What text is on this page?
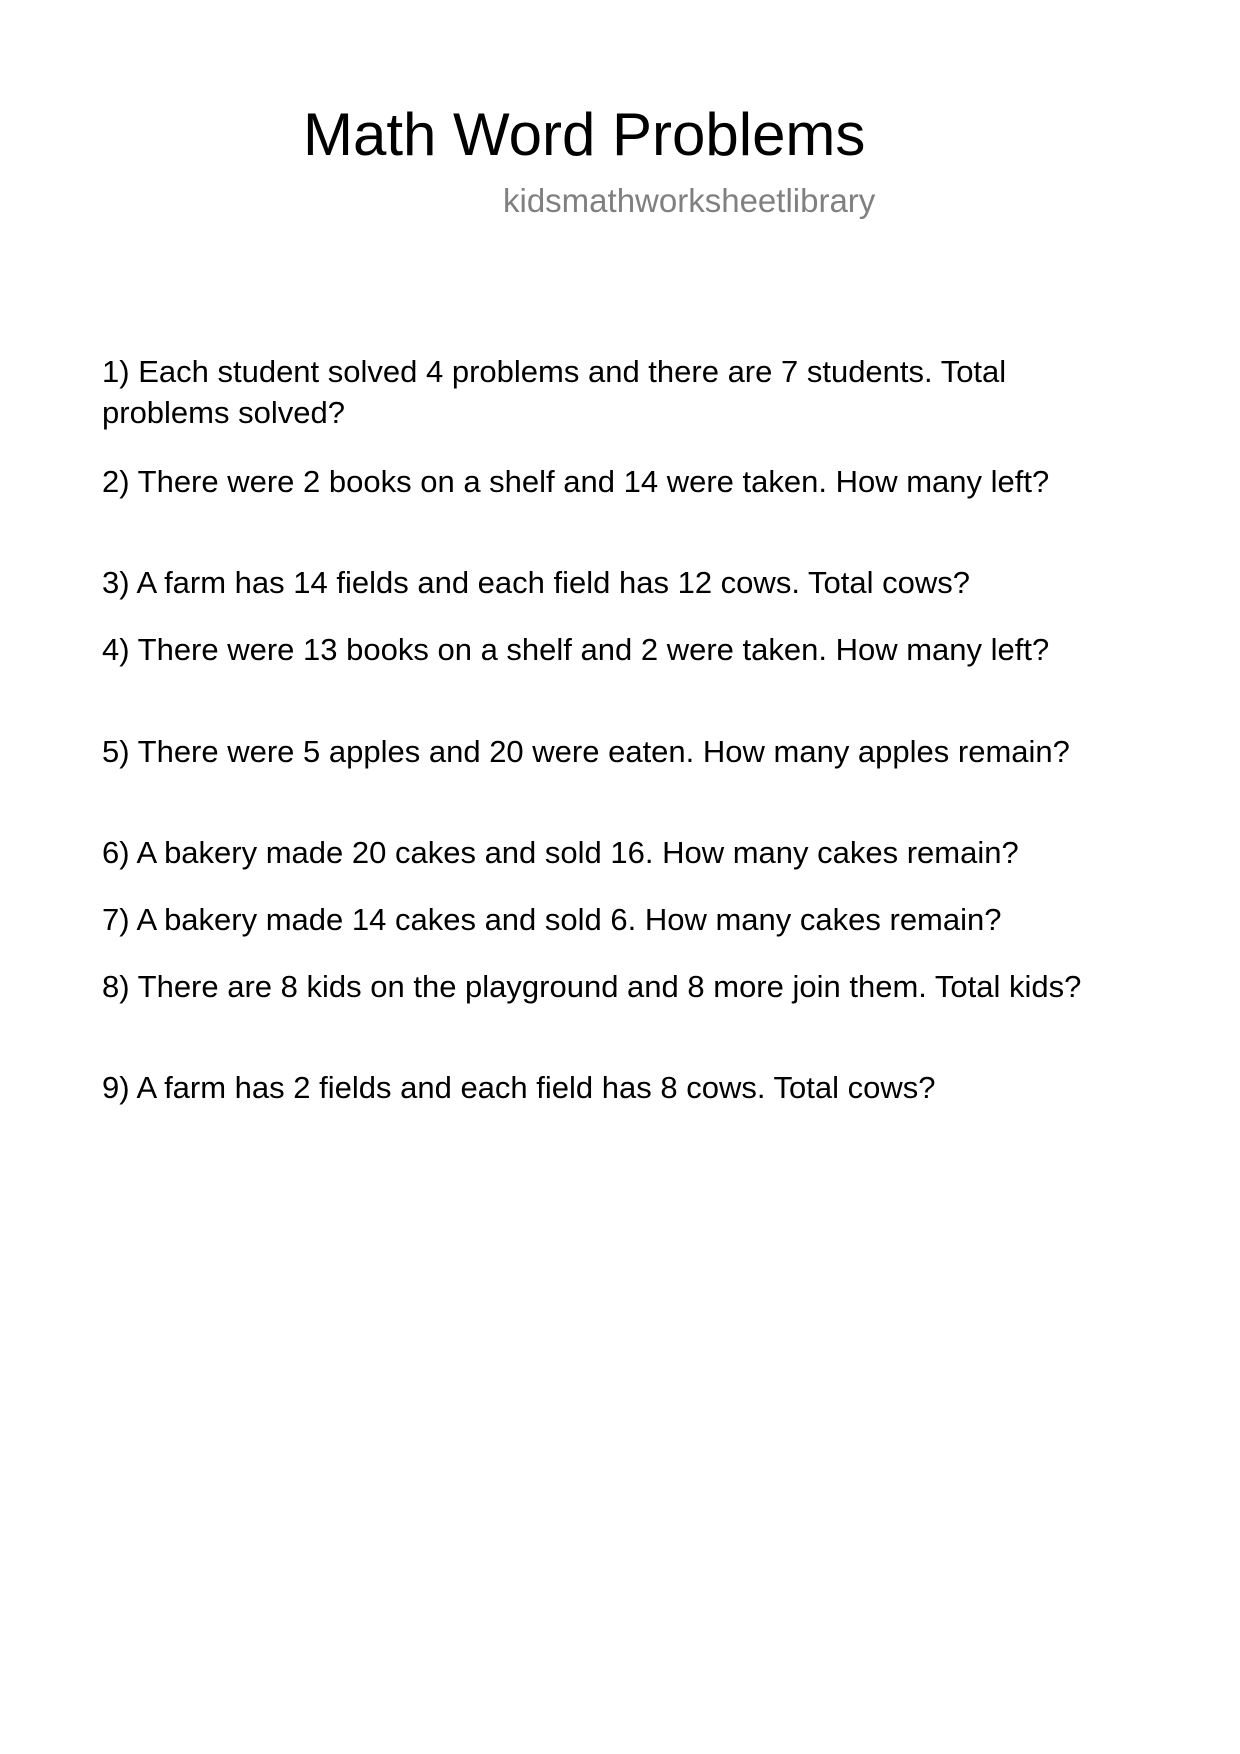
Math Word Problems
kidsmathworksheetlibrary
1) Each student solved 4 problems and there are 7 students. Total problems solved?
2) There were 2 books on a shelf and 14 were taken. How many left?
3) A farm has 14 fields and each field has 12 cows. Total cows?
4) There were 13 books on a shelf and 2 were taken. How many left?
5) There were 5 apples and 20 were eaten. How many apples remain?
6) A bakery made 20 cakes and sold 16. How many cakes remain?
7) A bakery made 14 cakes and sold 6. How many cakes remain?
8) There are 8 kids on the playground and 8 more join them. Total kids?
9) A farm has 2 fields and each field has 8 cows. Total cows?
